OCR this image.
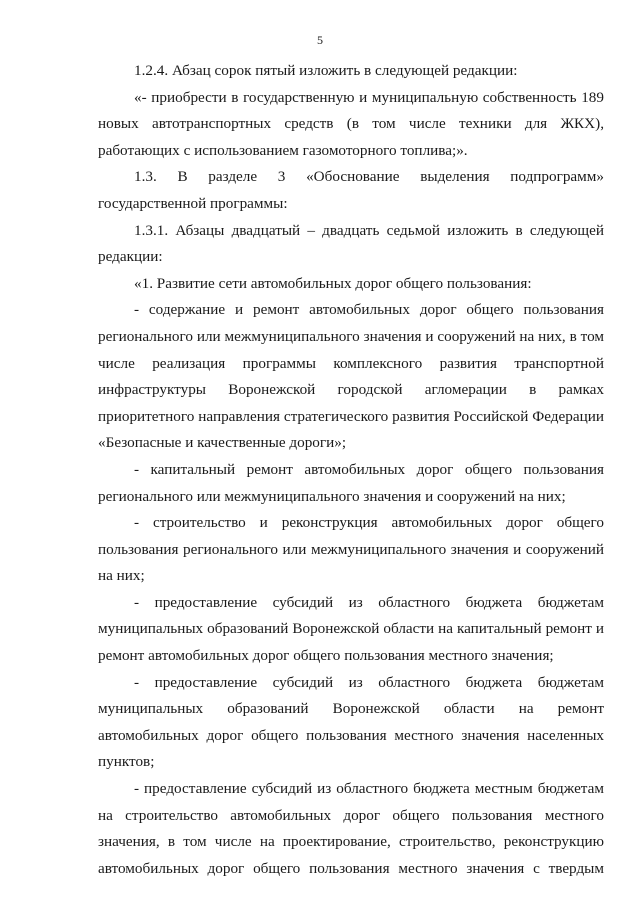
5

1.2.4. Абзац сорок пятый изложить в следующей редакции:

«- приобрести в государственную и муниципальную собственность 189 новых автотранспортных средств (в том числе техники для ЖКХ), работающих с использованием газомоторного топлива;».

1.3. В разделе 3 «Обоснование выделения подпрограмм» государственной программы:

1.3.1. Абзацы двадцатый – двадцать седьмой изложить в следующей редакции:

«1. Развитие сети автомобильных дорог общего пользования:

- содержание и ремонт автомобильных дорог общего пользования регионального или межмуниципального значения и сооружений на них, в том числе реализация программы комплексного развития транспортной инфраструктуры Воронежской городской агломерации в рамках приоритетного направления стратегического развития Российской Федерации «Безопасные и качественные дороги»;

- капитальный ремонт автомобильных дорог общего пользования регионального или межмуниципального значения и сооружений на них;

- строительство и реконструкция автомобильных дорог общего пользования регионального или межмуниципального значения и сооружений на них;

- предоставление субсидий из областного бюджета бюджетам муниципальных образований Воронежской области на капитальный ремонт и ремонт автомобильных дорог общего пользования местного значения;

- предоставление субсидий из областного бюджета бюджетам муниципальных образований Воронежской области на ремонт автомобильных дорог общего пользования местного значения населенных пунктов;

- предоставление субсидий из областного бюджета местным бюджетам на строительство автомобильных дорог общего пользования местного значения, в том числе на проектирование, строительство, реконструкцию автомобильных дорог общего пользования местного значения с твердым
